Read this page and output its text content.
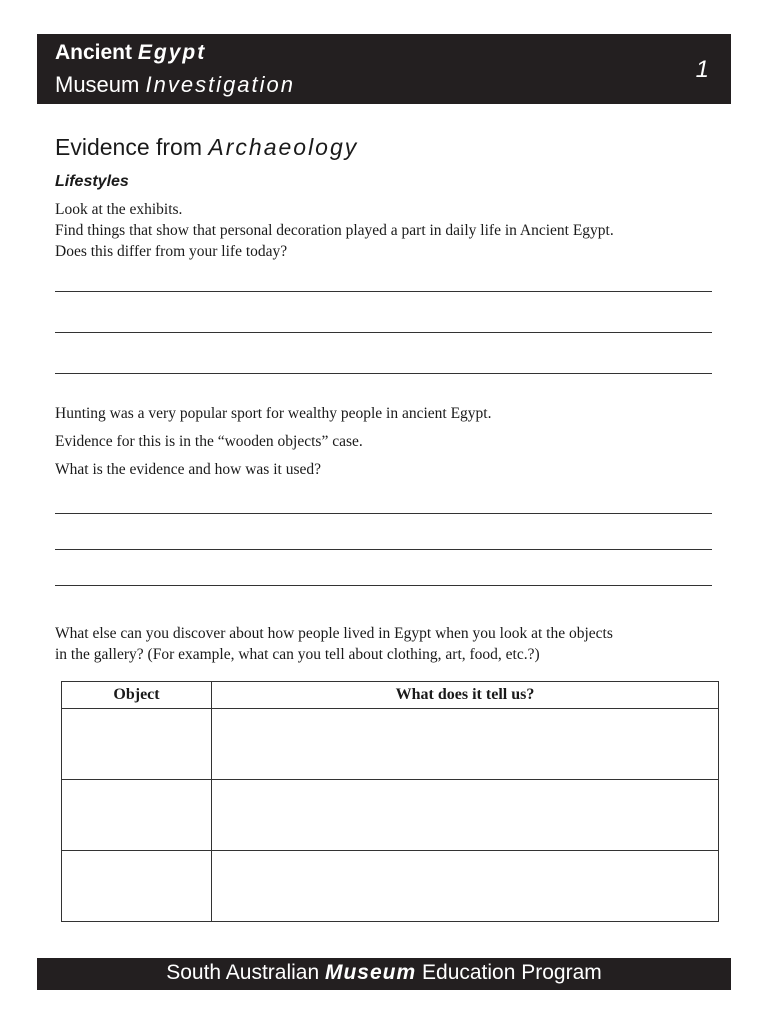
Ancient Egypt
Museum Investigation
1
Evidence from Archaeology
Lifestyles
Look at the exhibits.
Find things that show that personal decoration played a part in daily life in Ancient Egypt.
Does this differ from your life today?
Hunting was a very popular sport for wealthy people in ancient Egypt.
Evidence for this is in the “wooden objects” case.
What is the evidence and how was it used?
What else can you discover about how people lived in Egypt when you look at the objects
in the gallery? (For example, what can you tell about clothing, art, food, etc.?)
Object	What does it tell us?

South Australian Museum Education Program
